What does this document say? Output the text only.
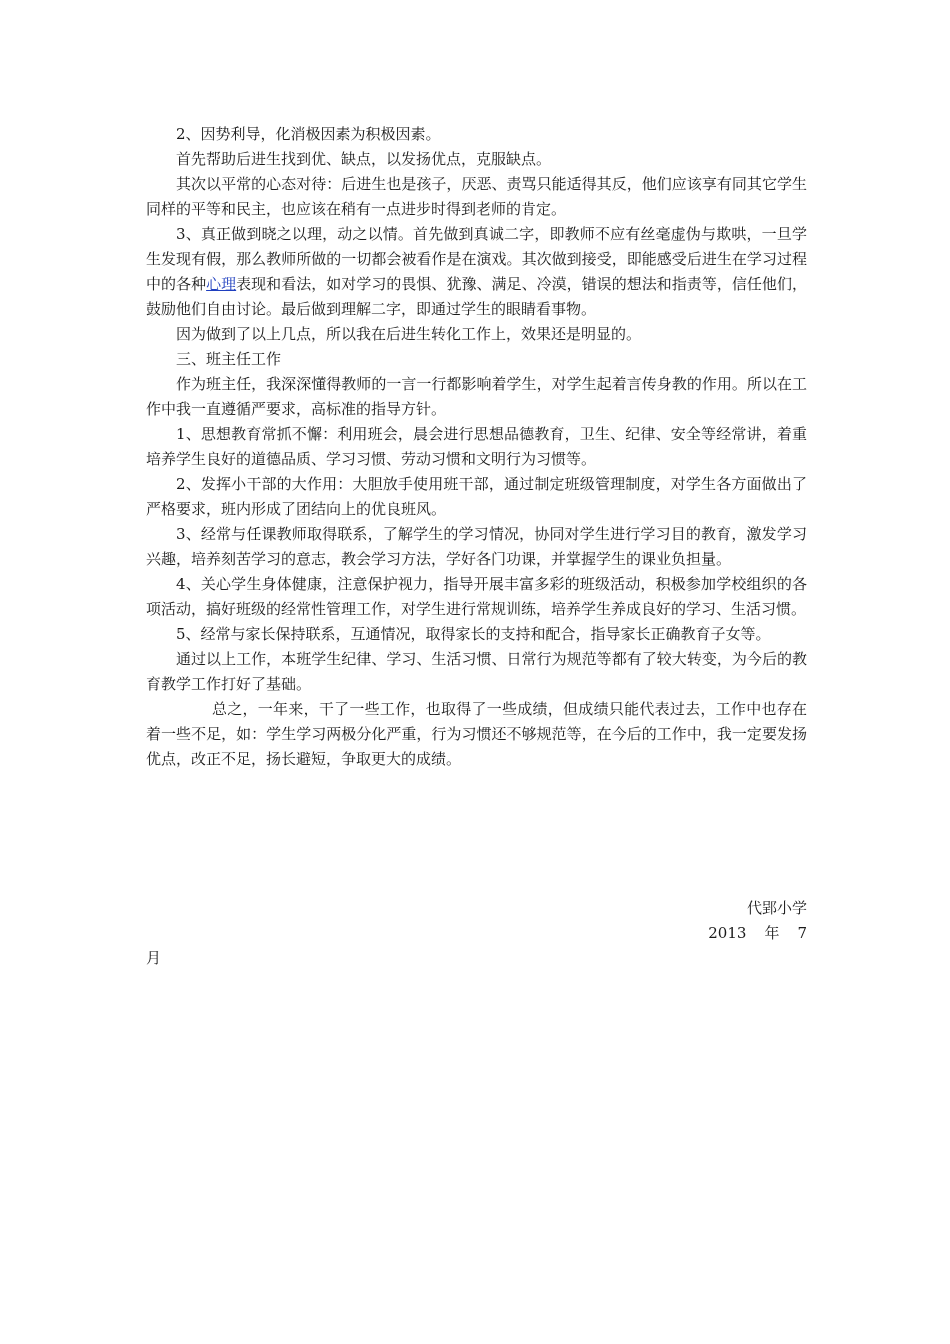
2、因势利导，化消极因素为积极因素。

首先帮助后进生找到优、缺点，以发扬优点，克服缺点。

其次以平常的心态对待：后进生也是孩子，厌恶、责骂只能适得其反，他们应该享有同其它学生同样的平等和民主，也应该在稍有一点进步时得到老师的肯定。

3、真正做到晓之以理，动之以情。首先做到真诚二字，即教师不应有丝毫虚伪与欺哄，一旦学生发现有假，那么教师所做的一切都会被看作是在演戏。其次做到接受，即能感受后进生在学习过程中的各种心理表现和看法，如对学习的畏惧、犹豫、满足、冷漠，错误的想法和指责等，信任他们，鼓励他们自由讨论。最后做到理解二字，即通过学生的眼睛看事物。

因为做到了以上几点，所以我在后进生转化工作上，效果还是明显的。

三、班主任工作

作为班主任，我深深懂得教师的一言一行都影响着学生，对学生起着言传身教的作用。所以在工作中我一直遵循严要求，高标准的指导方针。

1、思想教育常抓不懈：利用班会，晨会进行思想品德教育，卫生、纪律、安全等经常讲，着重培养学生良好的道德品质、学习习惯、劳动习惯和文明行为习惯等。

2、发挥小干部的大作用：大胆放手使用班干部，通过制定班级管理制度，对学生各方面做出了严格要求，班内形成了团结向上的优良班风。

3、经常与任课教师取得联系，了解学生的学习情况，协同对学生进行学习目的教育，激发学习兴趣，培养刻苦学习的意志，教会学习方法，学好各门功课，并掌握学生的课业负担量。

4、关心学生身体健康，注意保护视力，指导开展丰富多彩的班级活动，积极参加学校组织的各项活动，搞好班级的经常性管理工作，对学生进行常规训练，培养学生养成良好的学习、生活习惯。

5、经常与家长保持联系，互通情况，取得家长的支持和配合，指导家长正确教育子女等。

通过以上工作，本班学生纪律、学习、生活习惯、日常行为规范等都有了较大转变，为今后的教育教学工作打好了基础。

总之，一年来，干了一些工作，也取得了一些成绩，但成绩只能代表过去，工作中也存在着一些不足，如：学生学习两极分化严重，行为习惯还不够规范等，在今后的工作中，我一定要发扬优点，改正不足，扬长避短，争取更大的成绩。

代郢小学

2013 年 7

月
